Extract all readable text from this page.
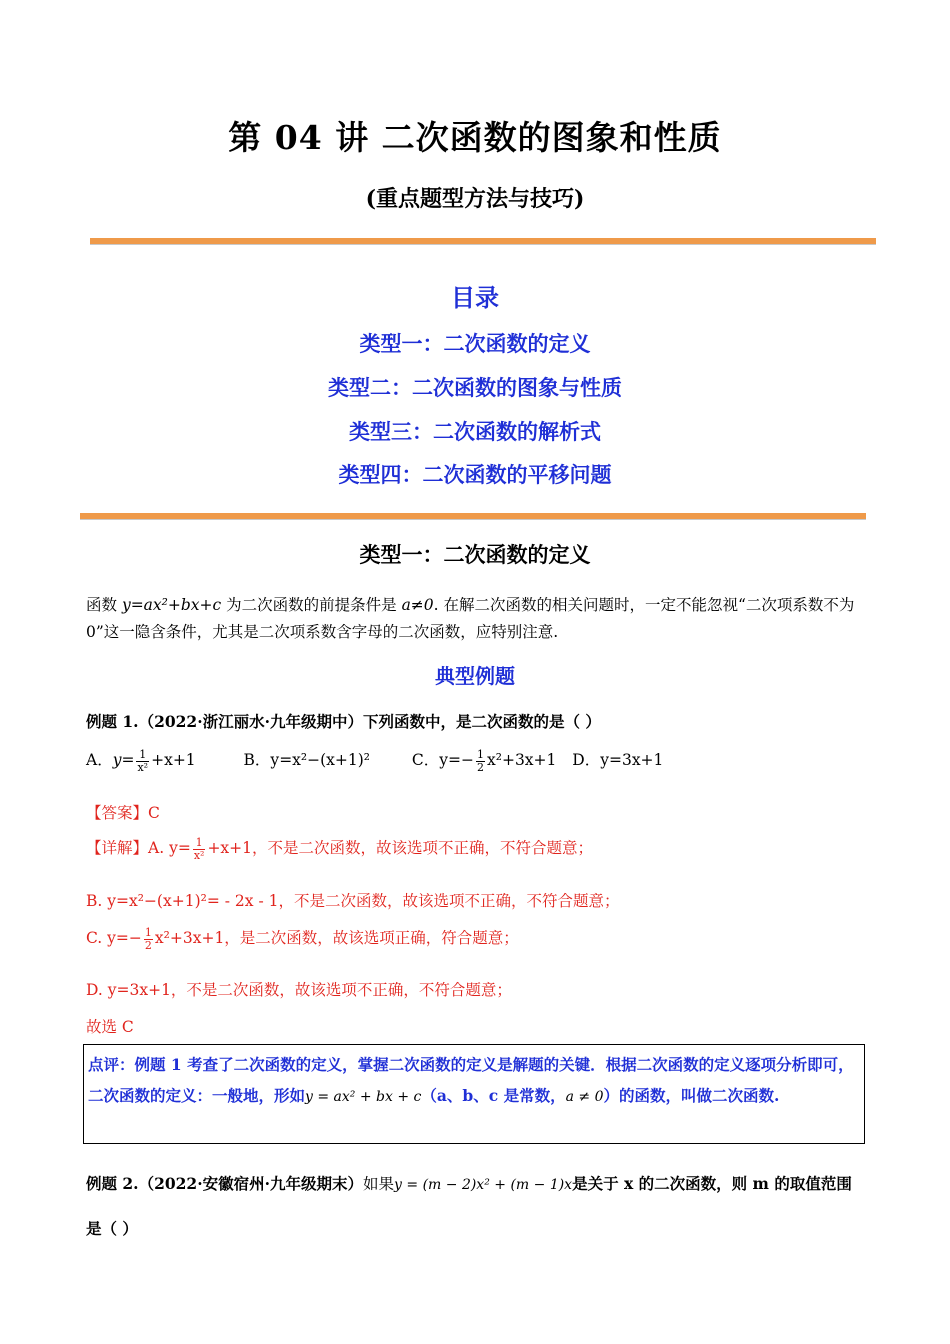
第 04 讲 二次函数的图象和性质
(重点题型方法与技巧)
目录
类型一：二次函数的定义
类型二：二次函数的图象与性质
类型三：二次函数的解析式
类型四：二次函数的平移问题
类型一：二次函数的定义
函数 y=ax²+bx+c 为二次函数的前提条件是 a≠0. 在解二次函数的相关问题时，一定不能忽视“二次项系数不为 0”这一隐含条件，尤其是二次项系数含字母的二次函数，应特别注意.
典型例题
例题 1.（2022·浙江丽水·九年级期中）下列函数中，是二次函数的是（ ）
A．$y= \frac{1}{\text{x²}} +x+1$	B．y=x²−(x+1)²	C．$y=- \frac{1}{2} x^2+3x+1$ D．y=3x+1
【答案】C
【详解】A. $y= \frac{1}{\text{x²}} +x+1$，不是二次函数，故该选项不正确，不符合题意；
B. y=x²−(x+1)²= - 2x - 1，不是二次函数，故该选项不正确，不符合题意；
C. $y=- \frac{1}{2} x^2+3x+1$，是二次函数，故该选项正确，符合题意；
D. y=3x+1，不是二次函数，故该选项不正确，不符合题意；
故选 C
点评：例题 1 考查了二次函数的定义，掌握二次函数的定义是解题的关键．根据二次函数的定义逐项分析即可，二次函数的定义：一般地，形如y = ax² + bx + c（a、b、c 是常数，a ≠ 0）的函数，叫做二次函数.
例题 2.（2022·安徽宿州·九年级期末）如果y = (m − 2)x² + (m − 1)x是关于 x 的二次函数，则 m 的取值范围是（ ）
